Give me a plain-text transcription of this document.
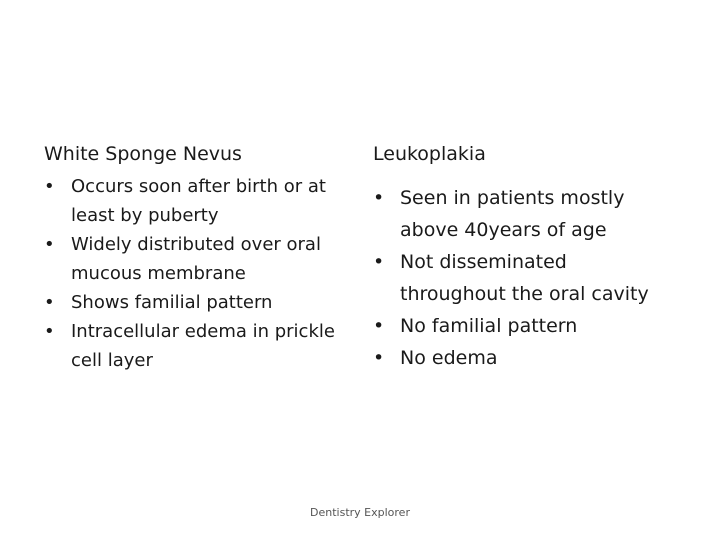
White Sponge Nevus
• Occurs soon after birth or at least by puberty
• Widely distributed over oral mucous membrane
• Shows familial pattern
• Intracellular edema in prickle cell layer
Leukoplakia
• Seen in patients mostly above 40years of age
• Not disseminated throughout the oral cavity
• No familial pattern
• No edema
Dentistry Explorer
